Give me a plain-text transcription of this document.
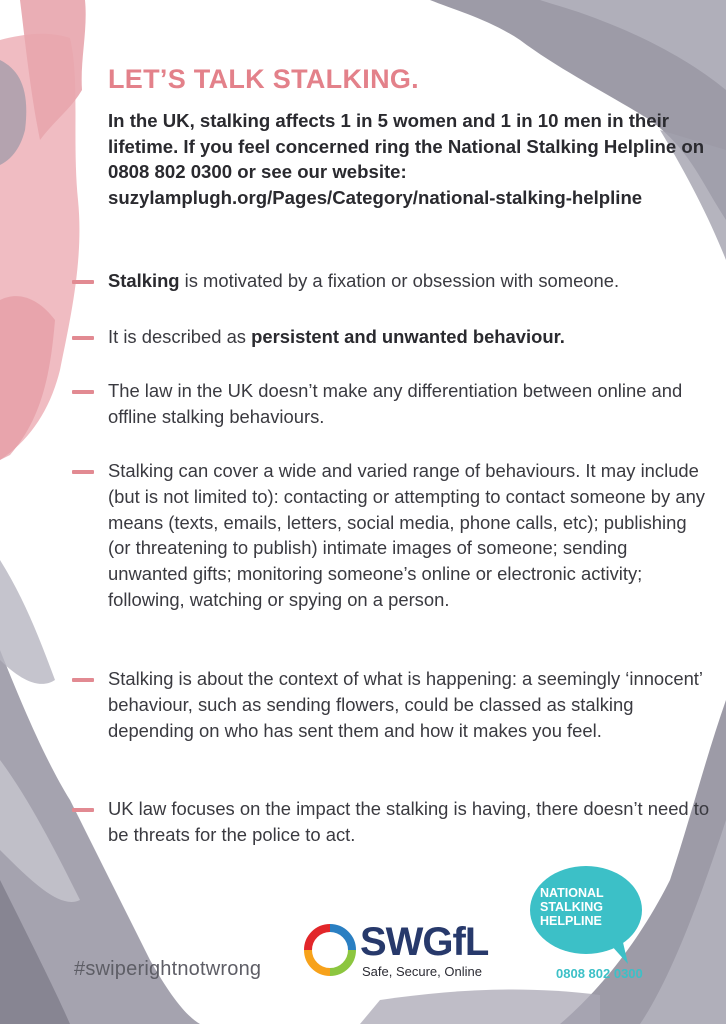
LET’S TALK STALKING.

In the UK, stalking affects 1 in 5 women and 1 in 10 men in their lifetime. If you feel concerned ring the National Stalking Helpline on 0808 802 0300 or see our website: suzylamplugh.org/Pages/Category/national-stalking-helpline

Stalking is motivated by a fixation or obsession with someone.
It is described as persistent and unwanted behaviour.
The law in the UK doesn’t make any differentiation between online and offline stalking behaviours.
Stalking can cover a wide and varied range of behaviours. It may include (but is not limited to): contacting or attempting to contact someone by any means (texts, emails, letters, social media, phone calls, etc); publishing (or threatening to publish) intimate images of someone; sending unwanted gifts; monitoring someone’s online or electronic activity; following, watching or spying on a person.
Stalking is about the context of what is happening: a seemingly ‘innocent’ behaviour, such as sending flowers, could be classed as stalking depending on who has sent them and how it makes you feel.
UK law focuses on the impact the stalking is having, there doesn’t need to be threats for the police to act.
#swiperightnotwrong
SWGfL
Safe, Secure, Online
NATIONAL
STALKING
HELPLINE
0808 802 0300
